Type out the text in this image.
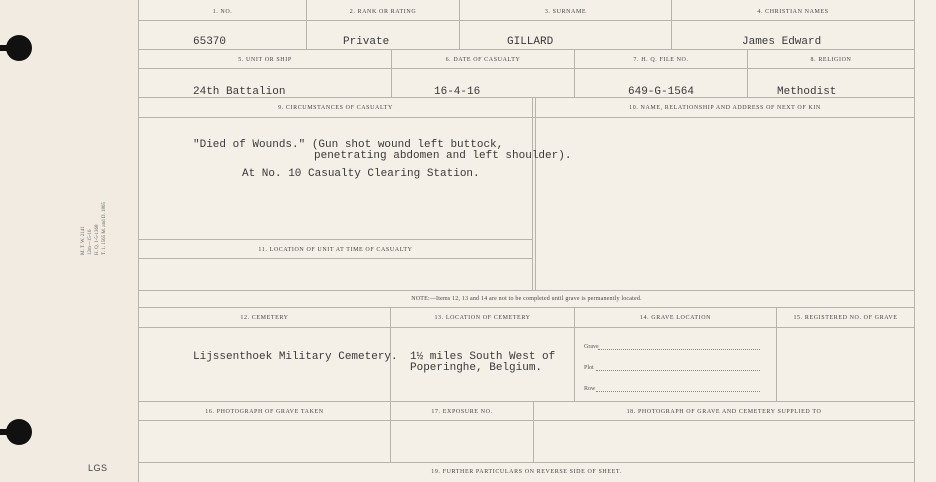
M. T. W. 2141 12m—15-16 H. Q. 1-5-1368 T. 1. 1565 M. and D. 1865
LGS
1. NO.	2. RANK OR RATING	3. SURNAME	4. CHRISTIAN NAMES
65370	Private	GILLARD	James Edward
5. UNIT OR SHIP	6. DATE OF CASUALTY	7. H. Q. FILE NO.	8. RELIGION
24th Battalion	16-4-16	649-G-1564	Methodist
9. CIRCUMSTANCES OF CASUALTY	10. NAME, RELATIONSHIP AND ADDRESS OF NEXT OF KIN
"Died of Wounds." (Gun shot wound left buttock,
penetrating abdomen and left shoulder).
At No. 10 Casualty Clearing Station.
11. LOCATION OF UNIT AT TIME OF CASUALTY
NOTE:—Items 12, 13 and 14 are not to be completed until grave is permanently located.
12. CEMETERY	13. LOCATION OF CEMETERY	14. GRAVE LOCATION	15. REGISTERED NO. OF GRAVE
Lijssenthoek Military Cemetery. 1½ miles South West of
Poperinghe, Belgium.
Grave
Plot
Row
16. PHOTOGRAPH OF GRAVE TAKEN	17. EXPOSURE NO.	18. PHOTOGRAPH OF GRAVE AND CEMETERY SUPPLIED TO
19. FURTHER PARTICULARS ON REVERSE SIDE OF SHEET.
